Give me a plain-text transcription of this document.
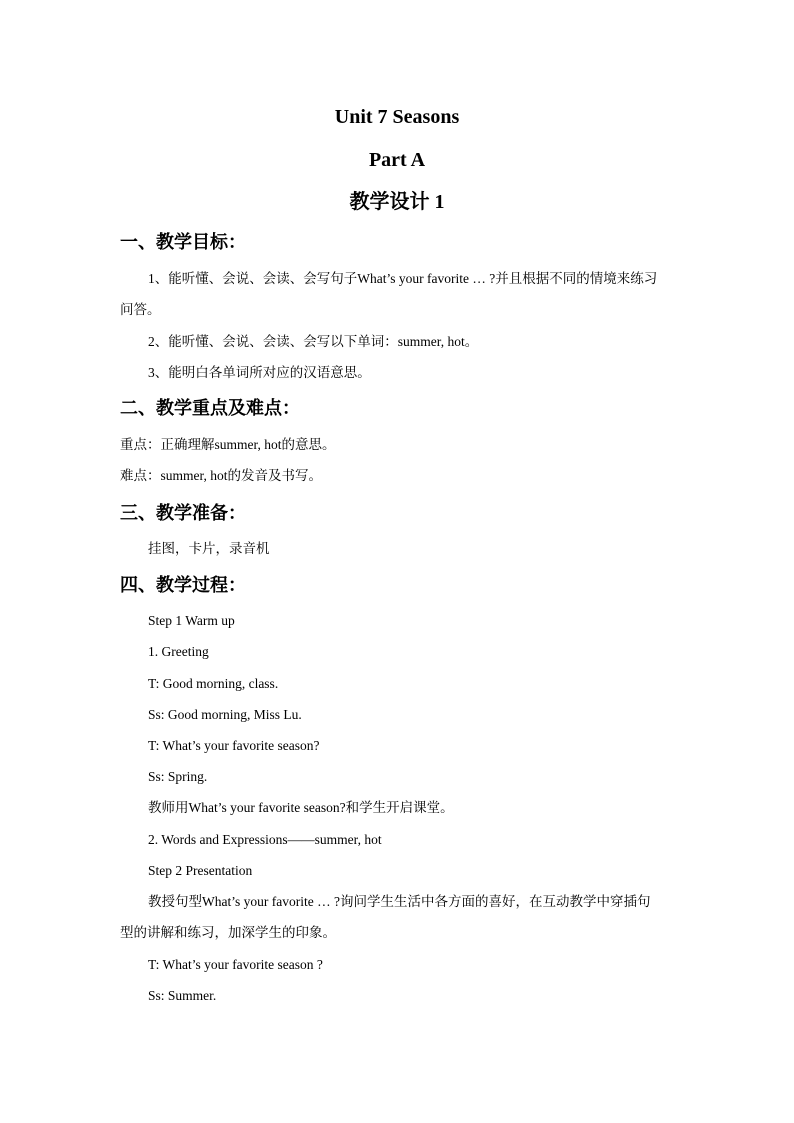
Unit 7 Seasons
Part A
教学设计 1
一、教学目标：
1、能听懂、会说、会读、会写句子What’s your favorite … ?并且根据不同的情境来练习
问答。
2、能听懂、会说、会读、会写以下单词：summer, hot。
3、能明白各单词所对应的汉语意思。
二、教学重点及难点：
重点：正确理解summer, hot的意思。
难点：summer, hot的发音及书写。
三、教学准备：
挂图，卡片，录音机
四、教学过程：
Step 1 Warm up
1. Greeting
T: Good morning, class.
Ss: Good morning, Miss Lu.
T: What’s your favorite season?
Ss: Spring.
教师用What’s your favorite season?和学生开启课堂。
2. Words and Expressions——summer, hot
Step 2 Presentation
教授句型What’s your favorite … ?询问学生生活中各方面的喜好，在互动教学中穿插句
型的讲解和练习，加深学生的印象。
T: What’s your favorite season ?
Ss: Summer.
